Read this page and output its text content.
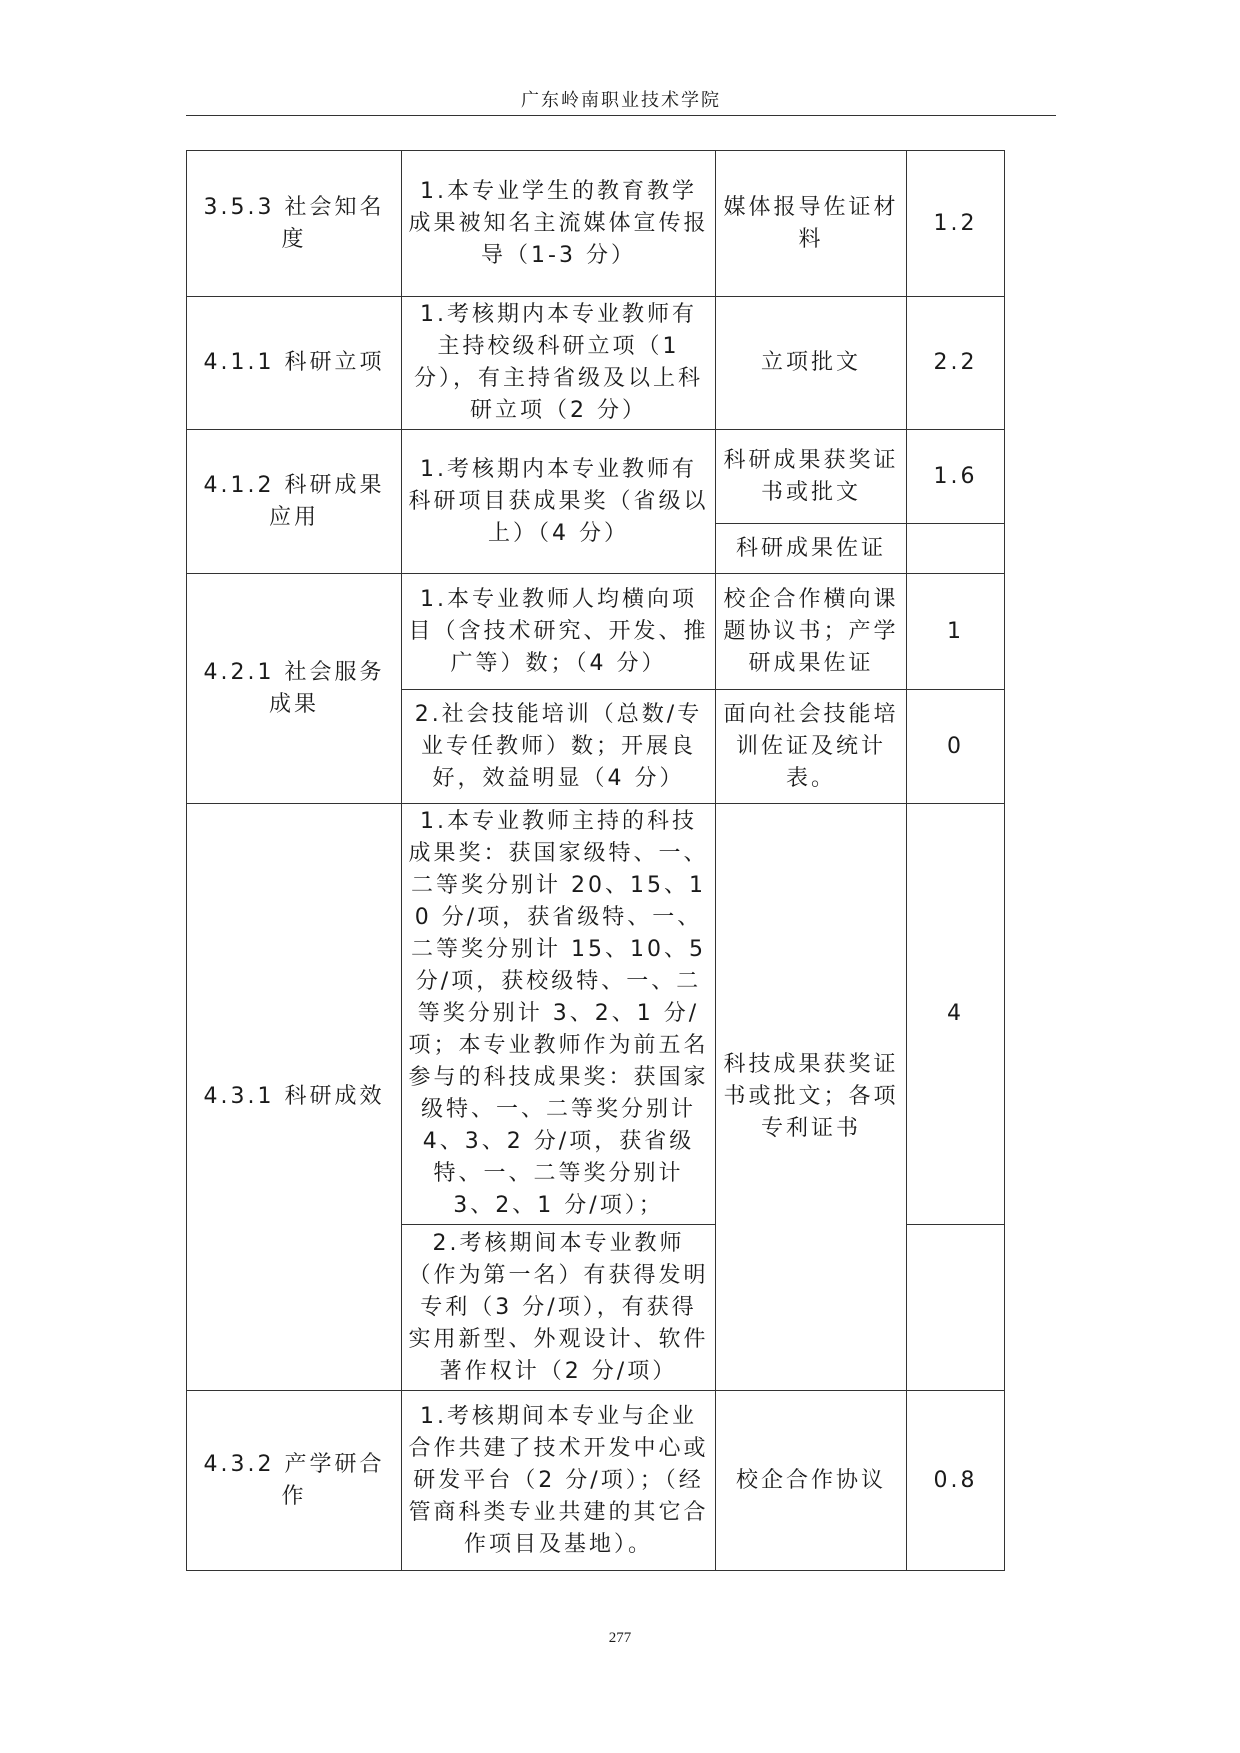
广东岭南职业技术学院
3.5.3 社会知名度	1.本专业学生的教育教学成果被知名主流媒体宣传报导（1-3 分）	媒体报导佐证材料	1.2
4.1.1 科研立项	1.考核期内本专业教师有主持校级科研立项（1 分），有主持省级及以上科研立项（2 分）	立项批文	2.2
4.1.2 科研成果应用	1.考核期内本专业教师有科研项目获成果奖（省级以上）（4 分）	科研成果获奖证书或批文	1.6
		科研成果佐证	
4.2.1 社会服务成果	1.本专业教师人均横向项目（含技术研究、开发、推广等）数；（4 分）	校企合作横向课题协议书；产学研成果佐证	1
	2.社会技能培训（总数/专业专任教师）数；开展良好，效益明显（4 分）	面向社会技能培训佐证及统计表。	0
4.3.1 科研成效	1.本专业教师主持的科技成果奖：获国家级特、一、二等奖分别计 20、15、10 分/项，获省级特、一、二等奖分别计 15、10、5 分/项，获校级特、一、二等奖分别计 3、2、1 分/项；本专业教师作为前五名参与的科技成果奖：获国家级特、一、二等奖分别计 4、3、2 分/项，获省级特、一、二等奖分别计 3、2、1 分/项）；	科技成果获奖证书或批文；各项专利证书	4
	2.考核期间本专业教师（作为第一名）有获得发明专利（3 分/项），有获得实用新型、外观设计、软件著作权计（2 分/项）		
4.3.2 产学研合作	1.考核期间本专业与企业合作共建了技术开发中心或研发平台（2 分/项）；（经管商科类专业共建的其它合作项目及基地）。	校企合作协议	0.8
277
